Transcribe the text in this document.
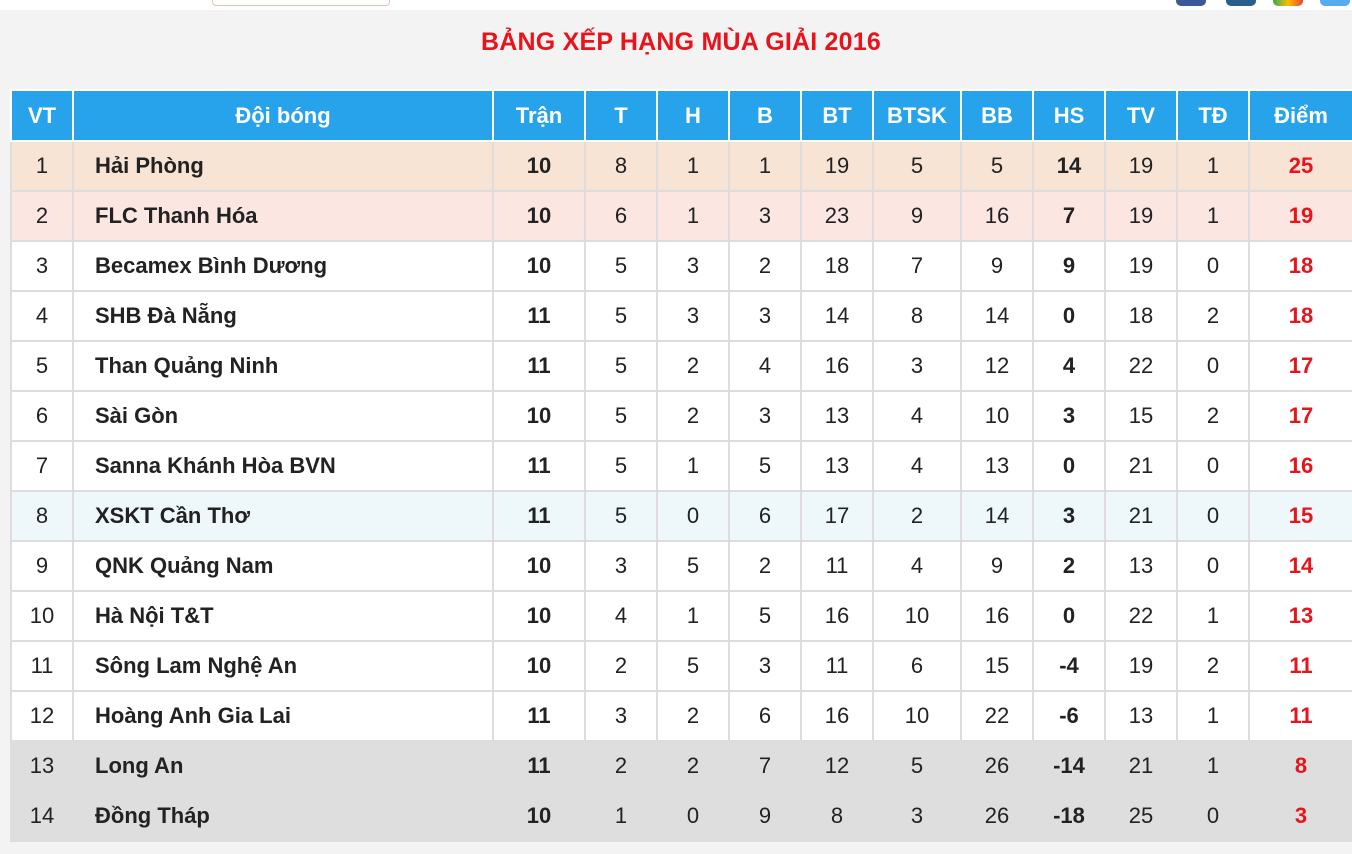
BẢNG XẾP HẠNG MÙA GIẢI 2016
VT	Đội bóng	Trận	T	H	B	BT	BTSK	BB	HS	TV	TĐ	Điểm
1	Hải Phòng	10	8	1	1	19	5	5	14	19	1	25
2	FLC Thanh Hóa	10	6	1	3	23	9	16	7	19	1	19
3	Becamex Bình Dương	10	5	3	2	18	7	9	9	19	0	18
4	SHB Đà Nẵng	11	5	3	3	14	8	14	0	18	2	18
5	Than Quảng Ninh	11	5	2	4	16	3	12	4	22	0	17
6	Sài Gòn	10	5	2	3	13	4	10	3	15	2	17
7	Sanna Khánh Hòa BVN	11	5	1	5	13	4	13	0	21	0	16
8	XSKT Cần Thơ	11	5	0	6	17	2	14	3	21	0	15
9	QNK Quảng Nam	10	3	5	2	11	4	9	2	13	0	14
10	Hà Nội T&T	10	4	1	5	16	10	16	0	22	1	13
11	Sông Lam Nghệ An	10	2	5	3	11	6	15	-4	19	2	11
12	Hoàng Anh Gia Lai	11	3	2	6	16	10	22	-6	13	1	11
13	Long An	11	2	2	7	12	5	26	-14	21	1	8
14	Đồng Tháp	10	1	0	9	8	3	26	-18	25	0	3
